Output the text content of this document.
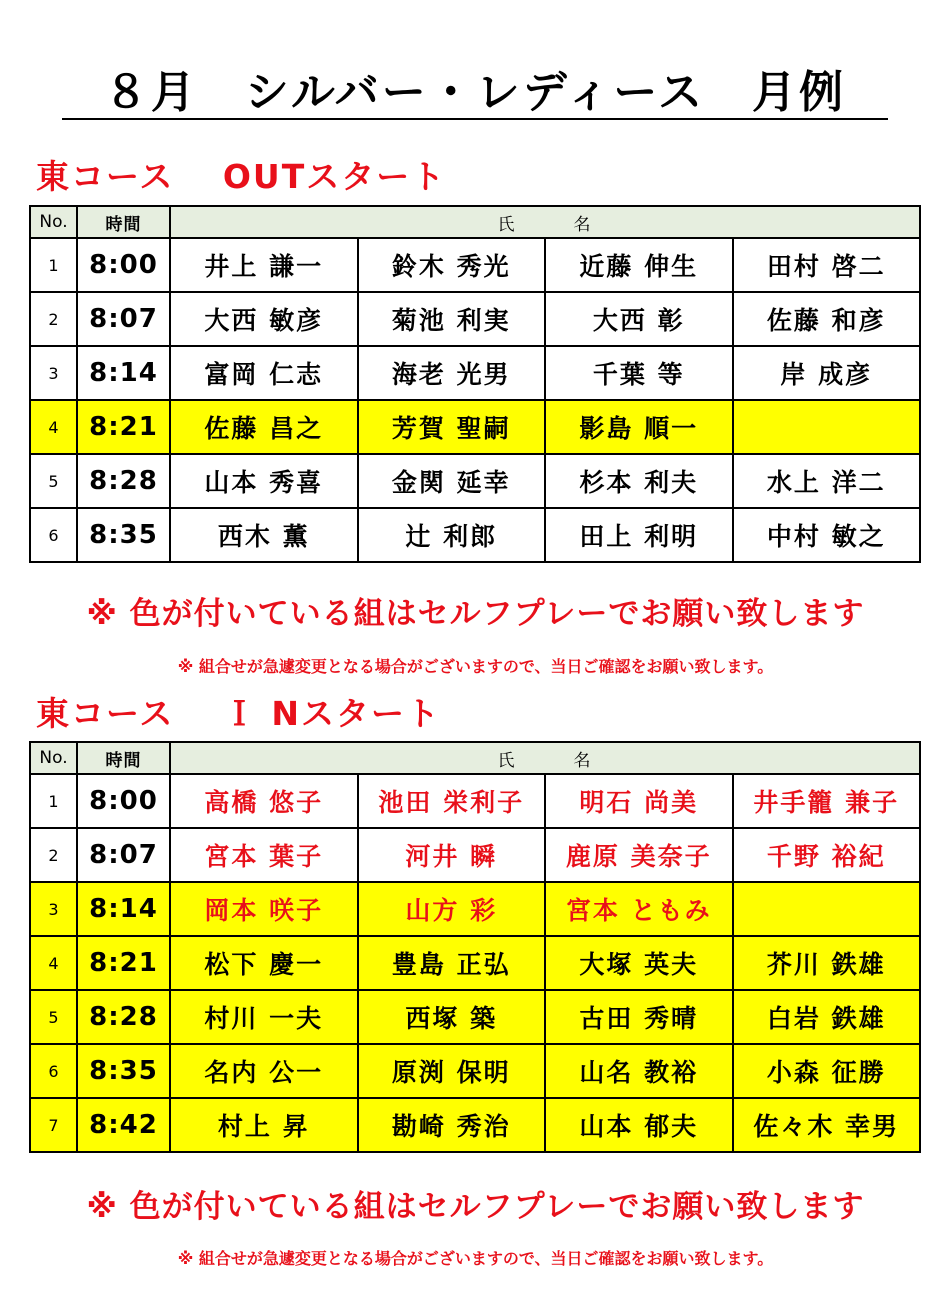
８月　シルバー・レディース　月例
東コース　 OUTスタート
No.	時間	氏　　　名			
1	8:00	井上 謙一	鈴木 秀光	近藤 伸生	田村 啓二
2	8:07	大西 敏彦	菊池 利実	大西 彰	佐藤 和彦
3	8:14	富岡 仁志	海老 光男	千葉 等	岸 成彦
4	8:21	佐藤 昌之	芳賀 聖嗣	影島 順一	
5	8:28	山本 秀喜	金関 延幸	杉本 利夫	水上 洋二
6	8:35	西木 薫	辻 利郎	田上 利明	中村 敏之
※ 色が付いている組はセルフプレーでお願い致します
※ 組合せが急遽変更となる場合がございますので、当日ご確認をお願い致します。
東コース　 Ｉ Nスタート
No.	時間	氏　　　名			
1	8:00	高橋 悠子	池田 栄利子	明石 尚美	井手籠 兼子
2	8:07	宮本 葉子	河井 瞬	鹿原 美奈子	千野 裕紀
3	8:14	岡本 咲子	山方 彩	宮本 ともみ	
4	8:21	松下 慶一	豊島 正弘	大塚 英夫	芥川 鉄雄
5	8:28	村川 一夫	西塚 築	古田 秀晴	白岩 鉄雄
6	8:35	名内 公一	原渕 保明	山名 教裕	小森 征勝
7	8:42	村上 昇	勘崎 秀治	山本 郁夫	佐々木 幸男
※ 色が付いている組はセルフプレーでお願い致します
※ 組合せが急遽変更となる場合がございますので、当日ご確認をお願い致します。
